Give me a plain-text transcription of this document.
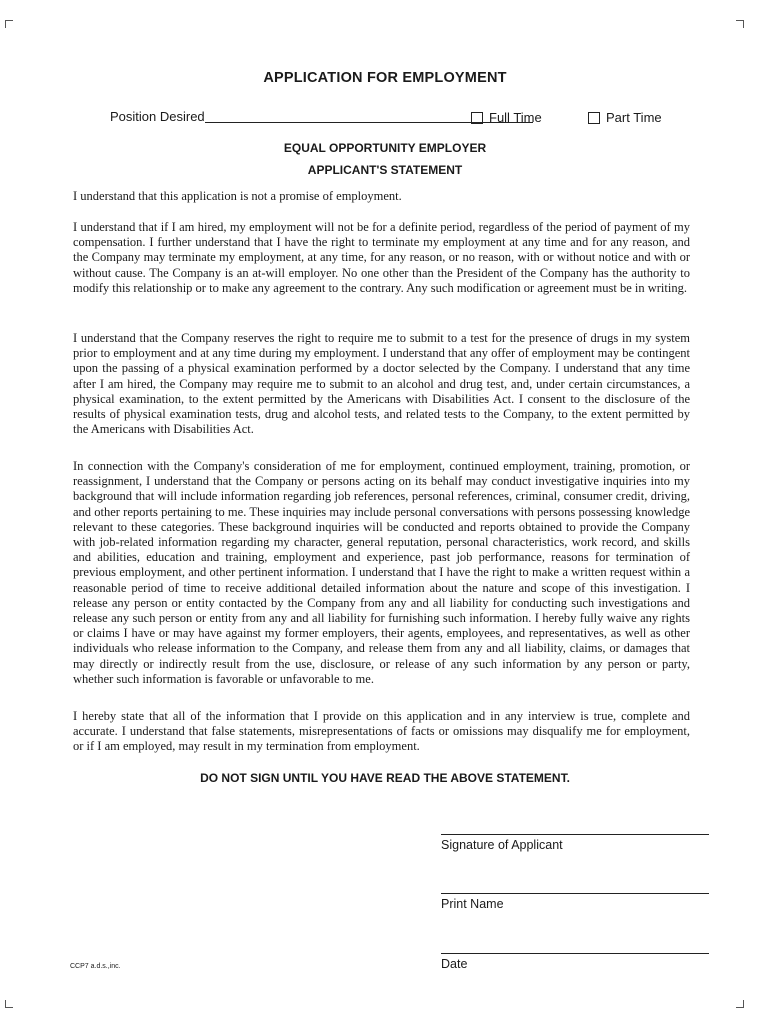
APPLICATION FOR EMPLOYMENT
Position Desired	Full Time	Part Time
EQUAL OPPORTUNITY EMPLOYER
APPLICANT'S STATEMENT

I understand that this application is not a promise of employment.

I understand that if I am hired, my employment will not be for a definite period, regardless of the period of payment of my compensation. I further understand that I have the right to terminate my employment at any time and for any reason, and the Company may terminate my employment, at any time, for any reason, or no reason, with or without notice and with or without cause. The Company is an at-will employer. No one other than the President of the Company has the authority to modify this relationship or to make any agreement to the contrary. Any such modification or agreement must be in writing.

I understand that the Company reserves the right to require me to submit to a test for the presence of drugs in my system prior to employment and at any time during my employment. I understand that any offer of employment may be contingent upon the passing of a physical examination performed by a doctor selected by the Company. I understand that any time after I am hired, the Company may require me to submit to an alcohol and drug test, and, under certain circumstances, a physical examination, to the extent permitted by the Americans with Disabilities Act. I consent to the disclosure of the results of physical examination tests, drug and alcohol tests, and related tests to the Company, to the extent permitted by the Americans with Disabilities Act.

In connection with the Company's consideration of me for employment, continued employment, training, promotion, or reassignment, I understand that the Company or persons acting on its behalf may conduct investigative inquiries into my background that will include information regarding job references, personal references, criminal, consumer credit, driving, and other reports pertaining to me. These inquiries may include personal conversations with persons possessing knowledge relevant to these categories. These background inquiries will be conducted and reports obtained to provide the Company with job-related information regarding my character, general reputation, personal characteristics, work record, and skills and abilities, education and training, employment and experience, past job performance, reasons for termination of previous employment, and other pertinent information. I understand that I have the right to make a written request within a reasonable period of time to receive additional detailed information about the nature and scope of this investigation. I release any person or entity contacted by the Company from any and all liability for conducting such investigations and release any such person or entity from any and all liability for furnishing such information. I hereby fully waive any rights or claims I have or may have against my former employers, their agents, employees, and representatives, as well as other individuals who release information to the Company, and release them from any and all liability, claims, or damages that may directly or indirectly result from the use, disclosure, or release of any such information by any person or party, whether such information is favorable or unfavorable to me.

I hereby state that all of the information that I provide on this application and in any interview is true, complete and accurate. I understand that false statements, misrepresentations of facts or omissions may disqualify me for employment, or if I am employed, may result in my termination from employment.

DO NOT SIGN UNTIL YOU HAVE READ THE ABOVE STATEMENT.
Signature of Applicant
Print Name
Date
CCP7 a.d.s.,inc.
